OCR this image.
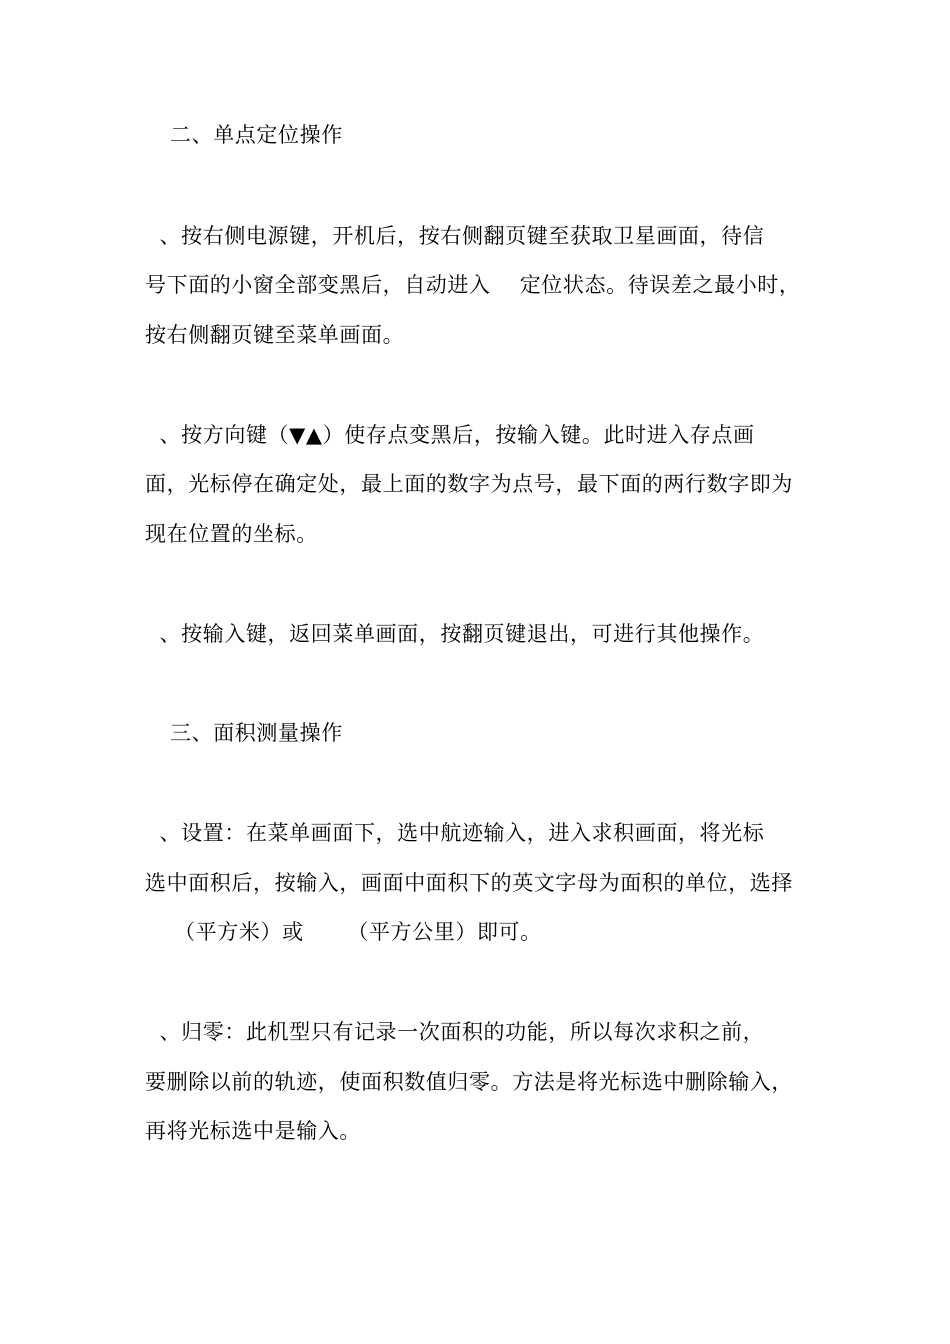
二、单点定位操作
、按右侧电源键，开机后，按右侧翻页键至获取卫星画面，待信
号下面的小窗全部变黑后，自动进入    定位状态。待误差之最小时，
按右侧翻页键至菜单画面。
、按方向键（▼▲）使存点变黑后，按输入键。此时进入存点画
面，光标停在确定处，最上面的数字为点号，最下面的两行数字即为
现在位置的坐标。
、按输入键，返回菜单画面，按翻页键退出，可进行其他操作。
三、面积测量操作
、设置：在菜单画面下，选中航迹输入，进入求积画面，将光标
选中面积后，按输入，画面中面积下的英文字母为面积的单位，选择
（平方米）或      （平方公里）即可。
、归零：此机型只有记录一次面积的功能，所以每次求积之前，
要删除以前的轨迹，使面积数值归零。方法是将光标选中删除输入，
再将光标选中是输入。
